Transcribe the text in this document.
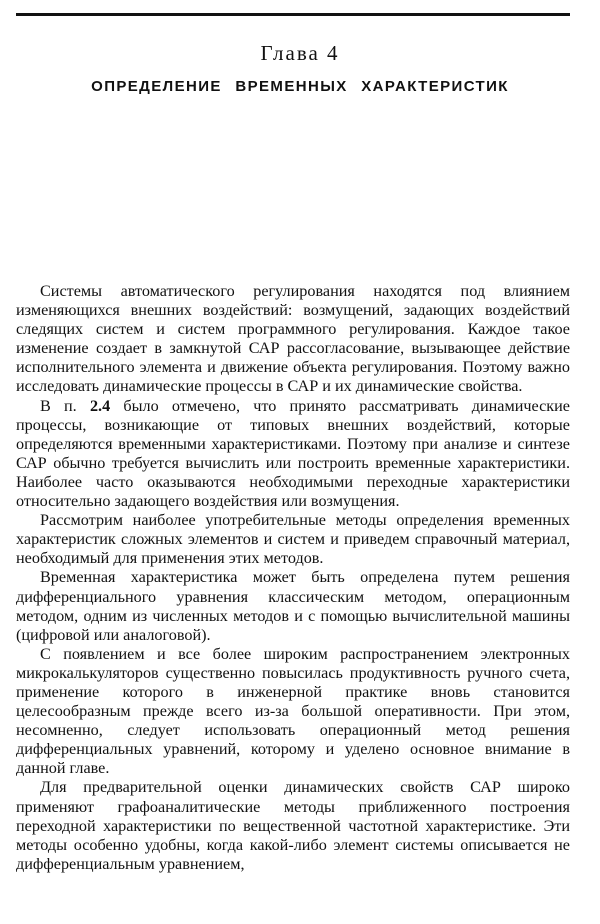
Глава 4
ОПРЕДЕЛЕНИЕ ВРЕМЕННЫХ ХАРАКТЕРИСТИК

Системы автоматического регулирования находятся под влиянием изменяющихся внешних воздействий: возмущений, задающих воздействий следящих систем и систем программного регулирования. Каждое такое изменение создает в замкнутой САР рассогласование, вызывающее действие исполнительного элемента и движение объекта регулирования. Поэтому важно исследовать динамические процессы в САР и их динамические свойства.

В п. 2.4 было отмечено, что принято рассматривать динамические процессы, возникающие от типовых внешних воздействий, которые определяются временными характеристиками. Поэтому при анализе и синтезе САР обычно требуется вычислить или построить временные характеристики. Наиболее часто оказываются необходимыми переходные характеристики относительно задающего воздействия или возмущения.

Рассмотрим наиболее употребительные методы определения временных характеристик сложных элементов и систем и приведем справочный материал, необходимый для применения этих методов.

Временная характеристика может быть определена путем решения дифференциального уравнения классическим методом, операционным методом, одним из численных методов и с помощью вычислительной машины (цифровой или аналоговой).

С появлением и все более широким распространением электронных микрокалькуляторов существенно повысилась продуктивность ручного счета, применение которого в инженерной практике вновь становится целесообразным прежде всего из-за большой оперативности. При этом, несомненно, следует использовать операционный метод решения дифференциальных уравнений, которому и уделено основное внимание в данной главе.

Для предварительной оценки динамических свойств САР широко применяют графоаналитические методы приближенного построения переходной характеристики по вещественной частотной характеристике. Эти методы особенно удобны, когда какой-либо элемент системы описывается не дифференциальным уравнением,
